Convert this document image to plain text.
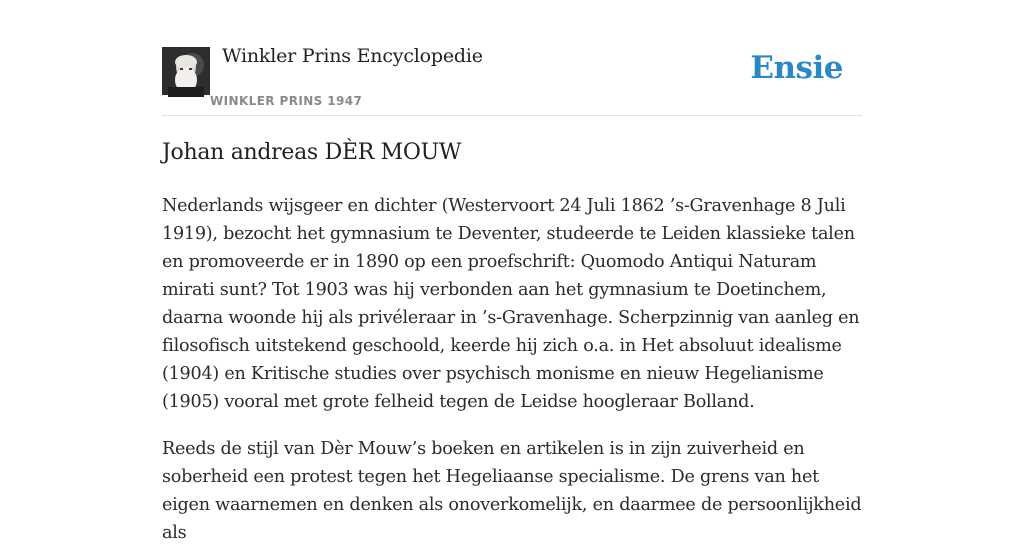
Winkler Prins Encyclopedie
WINKLER PRINS 1947
Ensie
Johan andreas DÈR MOUW

Nederlands wijsgeer en dichter (Westervoort 24 Juli 1862 ’s-Gravenhage 8 Juli 1919), bezocht het gymnasium te Deventer, studeerde te Leiden klassieke talen en promoveerde er in 1890 op een proefschrift: Quomodo Antiqui Naturam mirati sunt? Tot 1903 was hij verbonden aan het gymnasium te Doetinchem, daarna woonde hij als privéleraar in ’s-Gravenhage. Scherpzinnig van aanleg en filosofisch uitstekend geschoold, keerde hij zich o.a. in Het absoluut idealisme (1904) en Kritische studies over psychisch monisme en nieuw Hegelianisme (1905) vooral met grote felheid tegen de Leidse hoogleraar Bolland.

Reeds de stijl van Dèr Mouw’s boeken en artikelen is in zijn zuiverheid en soberheid een protest tegen het Hegeliaanse specialisme. De grens van het eigen waarnemen en denken als onoverkomelijk, en daarmee de persoonlijkheid als
